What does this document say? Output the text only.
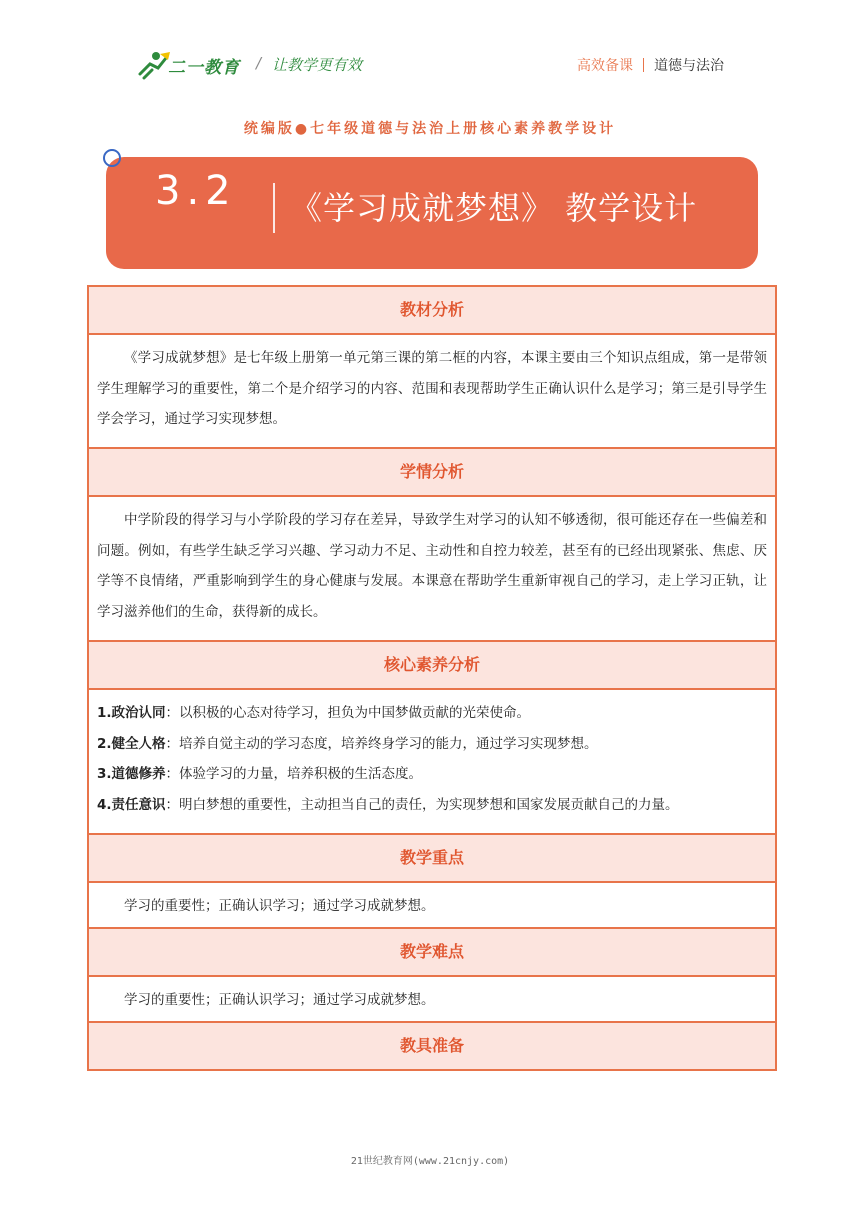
二一教育 / 让教学更有效	高效备课 道德与法治
统编版●七年级道德与法治上册核心素养教学设计
3.2 《学习成就梦想》 教学设计
教材分析
《学习成就梦想》是七年级上册第一单元第三课的第二框的内容，本课主要由三个知识点组成，第一是带领学生理解学习的重要性，第二个是介绍学习的内容、范围和表现帮助学生正确认识什么是学习；第三是引导学生学会学习，通过学习实现梦想。
学情分析
中学阶段的得学习与小学阶段的学习存在差异，导致学生对学习的认知不够透彻，很可能还存在一些偏差和问题。例如，有些学生缺乏学习兴趣、学习动力不足、主动性和自控力较差，甚至有的已经出现紧张、焦虑、厌学等不良情绪，严重影响到学生的身心健康与发展。本课意在帮助学生重新审视自己的学习，走上学习正轨，让学习滋养他们的生命，获得新的成长。
核心素养分析

1.政治认同：以积极的心态对待学习，担负为中国梦做贡献的光荣使命。

2.健全人格：培养自觉主动的学习态度，培养终身学习的能力，通过学习实现梦想。

3.道德修养：体验学习的力量，培养积极的生活态度。

4.责任意识：明白梦想的重要性，主动担当自己的责任，为实现梦想和国家发展贡献自己的力量。

教学重点
学习的重要性；正确认识学习；通过学习成就梦想。
教学难点
学习的重要性；正确认识学习；通过学习成就梦想。
教具准备
21世纪教育网(www.21cnjy.com)
